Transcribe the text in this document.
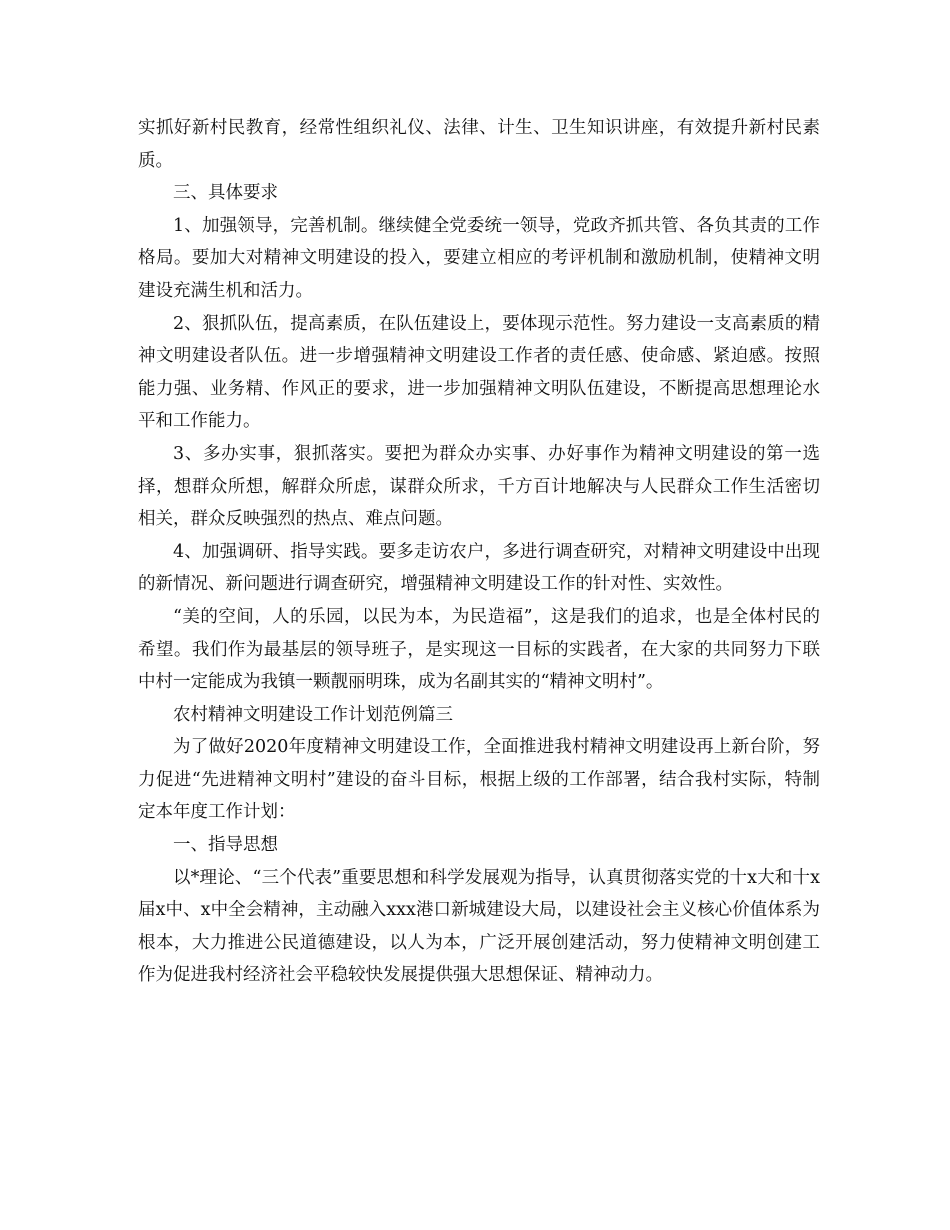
实抓好新村民教育，经常性组织礼仪、法律、计生、卫生知识讲座，有效提升新村民素质。

三、具体要求

1、加强领导，完善机制。继续健全党委统一领导，党政齐抓共管、各负其责的工作格局。要加大对精神文明建设的投入，要建立相应的考评机制和激励机制，使精神文明建设充满生机和活力。

2、狠抓队伍，提高素质，在队伍建设上，要体现示范性。努力建设一支高素质的精神文明建设者队伍。进一步增强精神文明建设工作者的责任感、使命感、紧迫感。按照能力强、业务精、作风正的要求，进一步加强精神文明队伍建设，不断提高思想理论水平和工作能力。

3、多办实事，狠抓落实。要把为群众办实事、办好事作为精神文明建设的第一选择，想群众所想，解群众所虑，谋群众所求，千方百计地解决与人民群众工作生活密切相关，群众反映强烈的热点、难点问题。

4、加强调研、指导实践。要多走访农户，多进行调查研究，对精神文明建设中出现的新情况、新问题进行调查研究，增强精神文明建设工作的针对性、实效性。

“美的空间，人的乐园，以民为本，为民造福”，这是我们的追求，也是全体村民的希望。我们作为最基层的领导班子，是实现这一目标的实践者，在大家的共同努力下联中村一定能成为我镇一颗靓丽明珠，成为名副其实的“精神文明村”。

农村精神文明建设工作计划范例篇三

为了做好2020年度精神文明建设工作，全面推进我村精神文明建设再上新台阶，努力促进“先进精神文明村”建设的奋斗目标，根据上级的工作部署，结合我村实际，特制定本年度工作计划：

一、指导思想

以*理论、“三个代表”重要思想和科学发展观为指导，认真贯彻落实党的十x大和十x届x中、x中全会精神，主动融入xxx港口新城建设大局，以建设社会主义核心价值体系为根本，大力推进公民道德建设，以人为本，广泛开展创建活动，努力使精神文明创建工作为促进我村经济社会平稳较快发展提供强大思想保证、精神动力。
